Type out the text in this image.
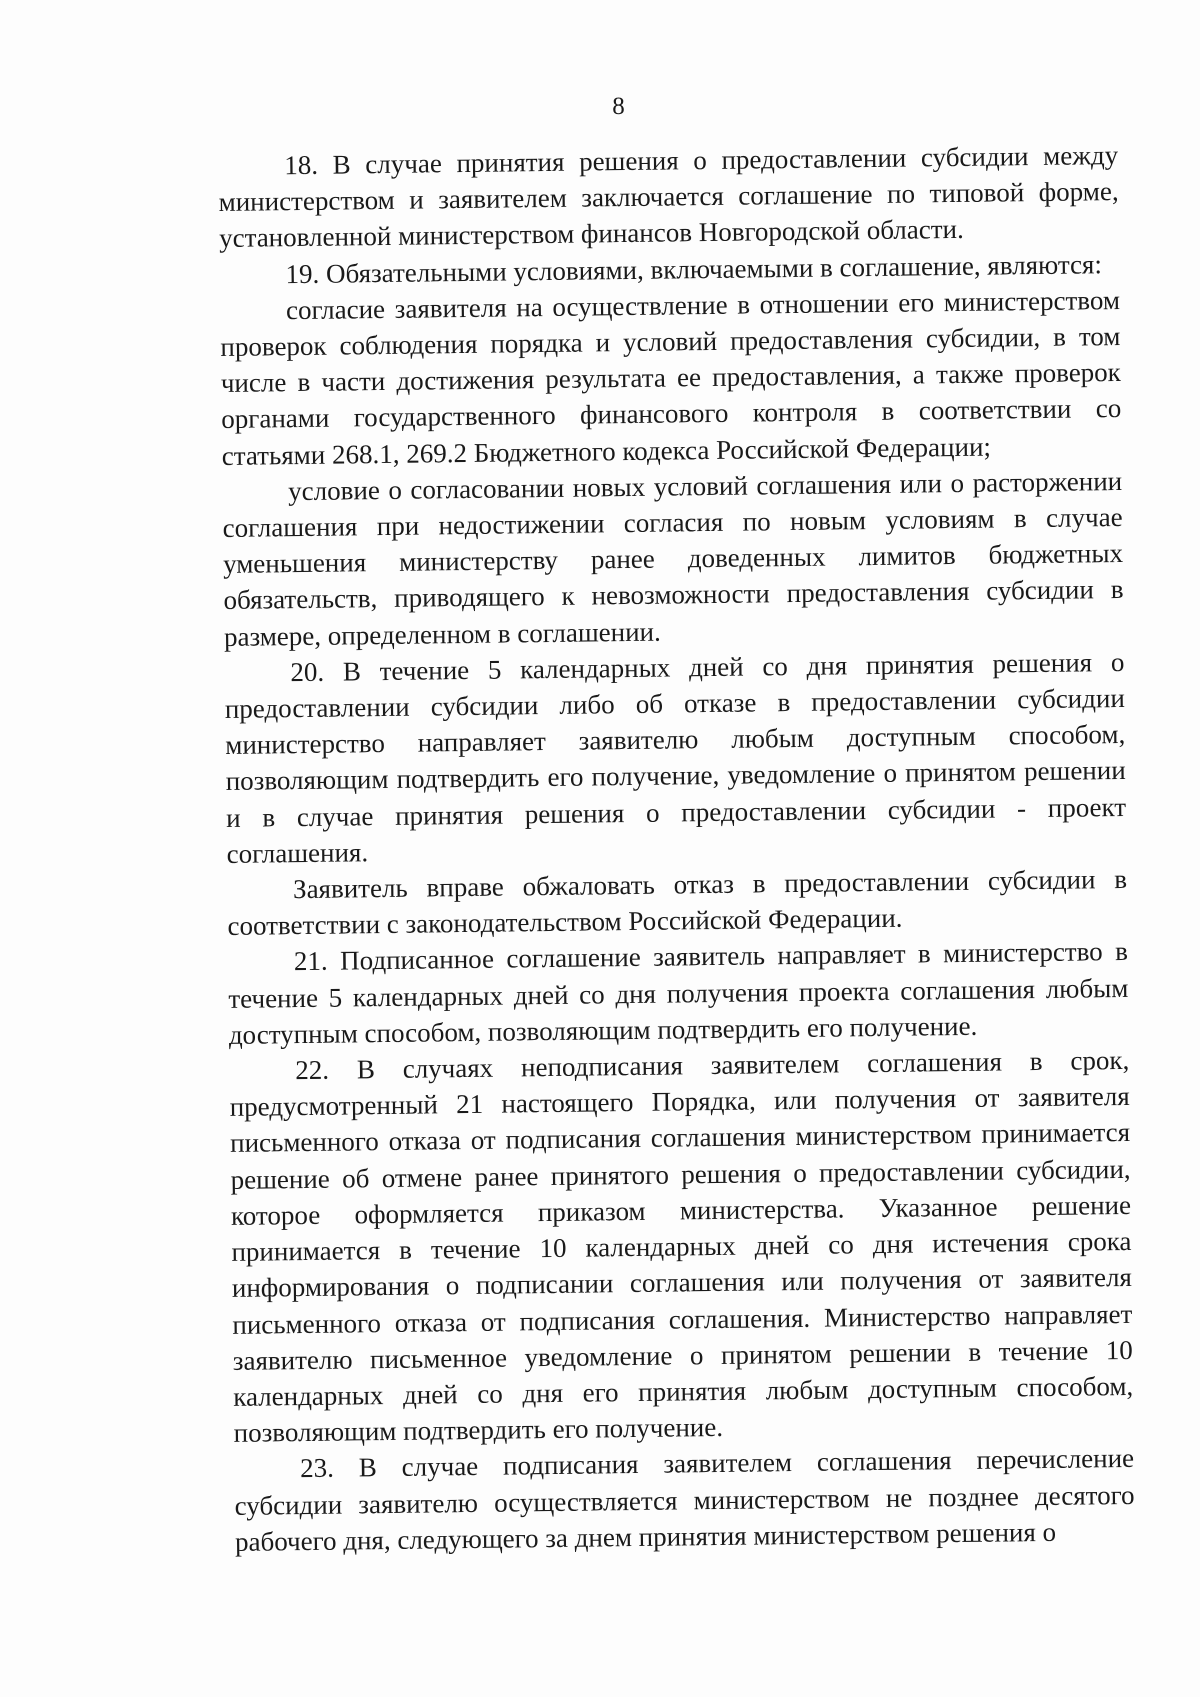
8

18. В случае принятия решения о предоставлении субсидии между министерством и заявителем заключается соглашение по типовой форме, установленной министерством финансов Новгородской области.

19. Обязательными условиями, включаемыми в соглашение, являются:

согласие заявителя на осуществление в отношении его министерством проверок соблюдения порядка и условий предоставления субсидии, в том числе в части достижения результата ее предоставления, а также проверок органами государственного финансового контроля в соответствии со статьями 268.1, 269.2 Бюджетного кодекса Российской Федерации;

условие о согласовании новых условий соглашения или о расторжении соглашения при недостижении согласия по новым условиям в случае уменьшения министерству ранее доведенных лимитов бюджетных обязательств, приводящего к невозможности предоставления субсидии в размере, определенном в соглашении.

20. В течение 5 календарных дней со дня принятия решения о предоставлении субсидии либо об отказе в предоставлении субсидии министерство направляет заявителю любым доступным способом, позволяющим подтвердить его получение, уведомление о принятом решении и в случае принятия решения о предоставлении субсидии - проект соглашения.

Заявитель вправе обжаловать отказ в предоставлении субсидии в соответствии с законодательством Российской Федерации.

21. Подписанное соглашение заявитель направляет в министерство в течение 5 календарных дней со дня получения проекта соглашения любым доступным способом, позволяющим подтвердить его получение.

22. В случаях неподписания заявителем соглашения в срок, предусмотренный 21 настоящего Порядка, или получения от заявителя письменного отказа от подписания соглашения министерством принимается решение об отмене ранее принятого решения о предоставлении субсидии, которое оформляется приказом министерства. Указанное решение принимается в течение 10 календарных дней со дня истечения срока информирования о подписании соглашения или получения от заявителя письменного отказа от подписания соглашения. Министерство направляет заявителю письменное уведомление о принятом решении в течение 10 календарных дней со дня его принятия любым доступным способом, позволяющим подтвердить его получение.

23. В случае подписания заявителем соглашения перечисление субсидии заявителю осуществляется министерством не позднее десятого рабочего дня, следующего за днем принятия министерством решения о
